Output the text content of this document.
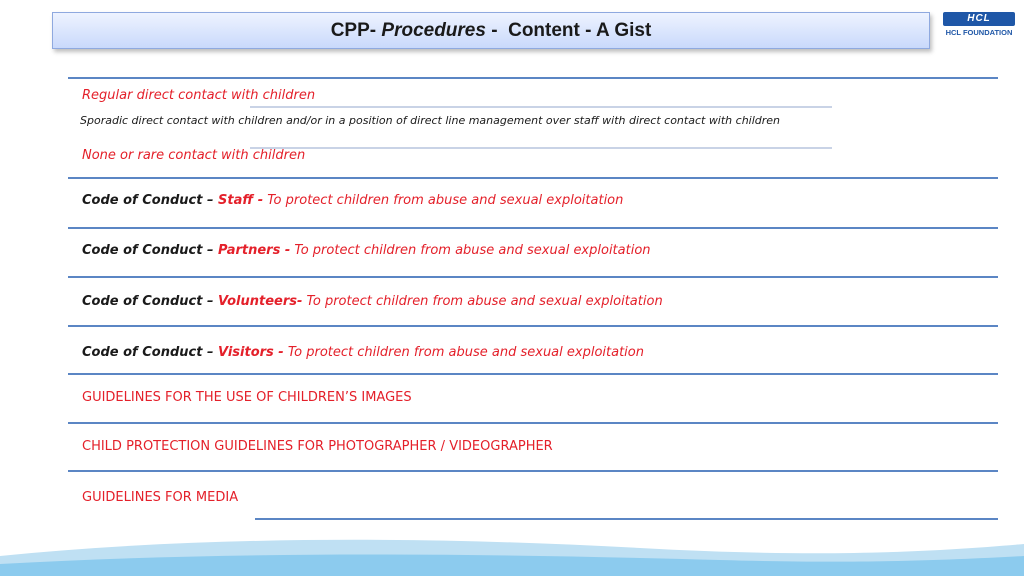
CPP- Procedures -  Content - A Gist
HCL
HCL FOUNDATION
Regular direct contact with children
Sporadic direct contact with children and/or in a position of direct line management over staff with direct contact with children
None or rare contact with children
Code of Conduct – Staff - To protect children from abuse and sexual exploitation
Code of Conduct – Partners - To protect children from abuse and sexual exploitation
Code of Conduct – Volunteers- To protect children from abuse and sexual exploitation
Code of Conduct – Visitors - To protect children from abuse and sexual exploitation
GUIDELINES FOR THE USE OF CHILDREN’S IMAGES
CHILD PROTECTION GUIDELINES FOR PHOTOGRAPHER / VIDEOGRAPHER
GUIDELINES FOR MEDIA
